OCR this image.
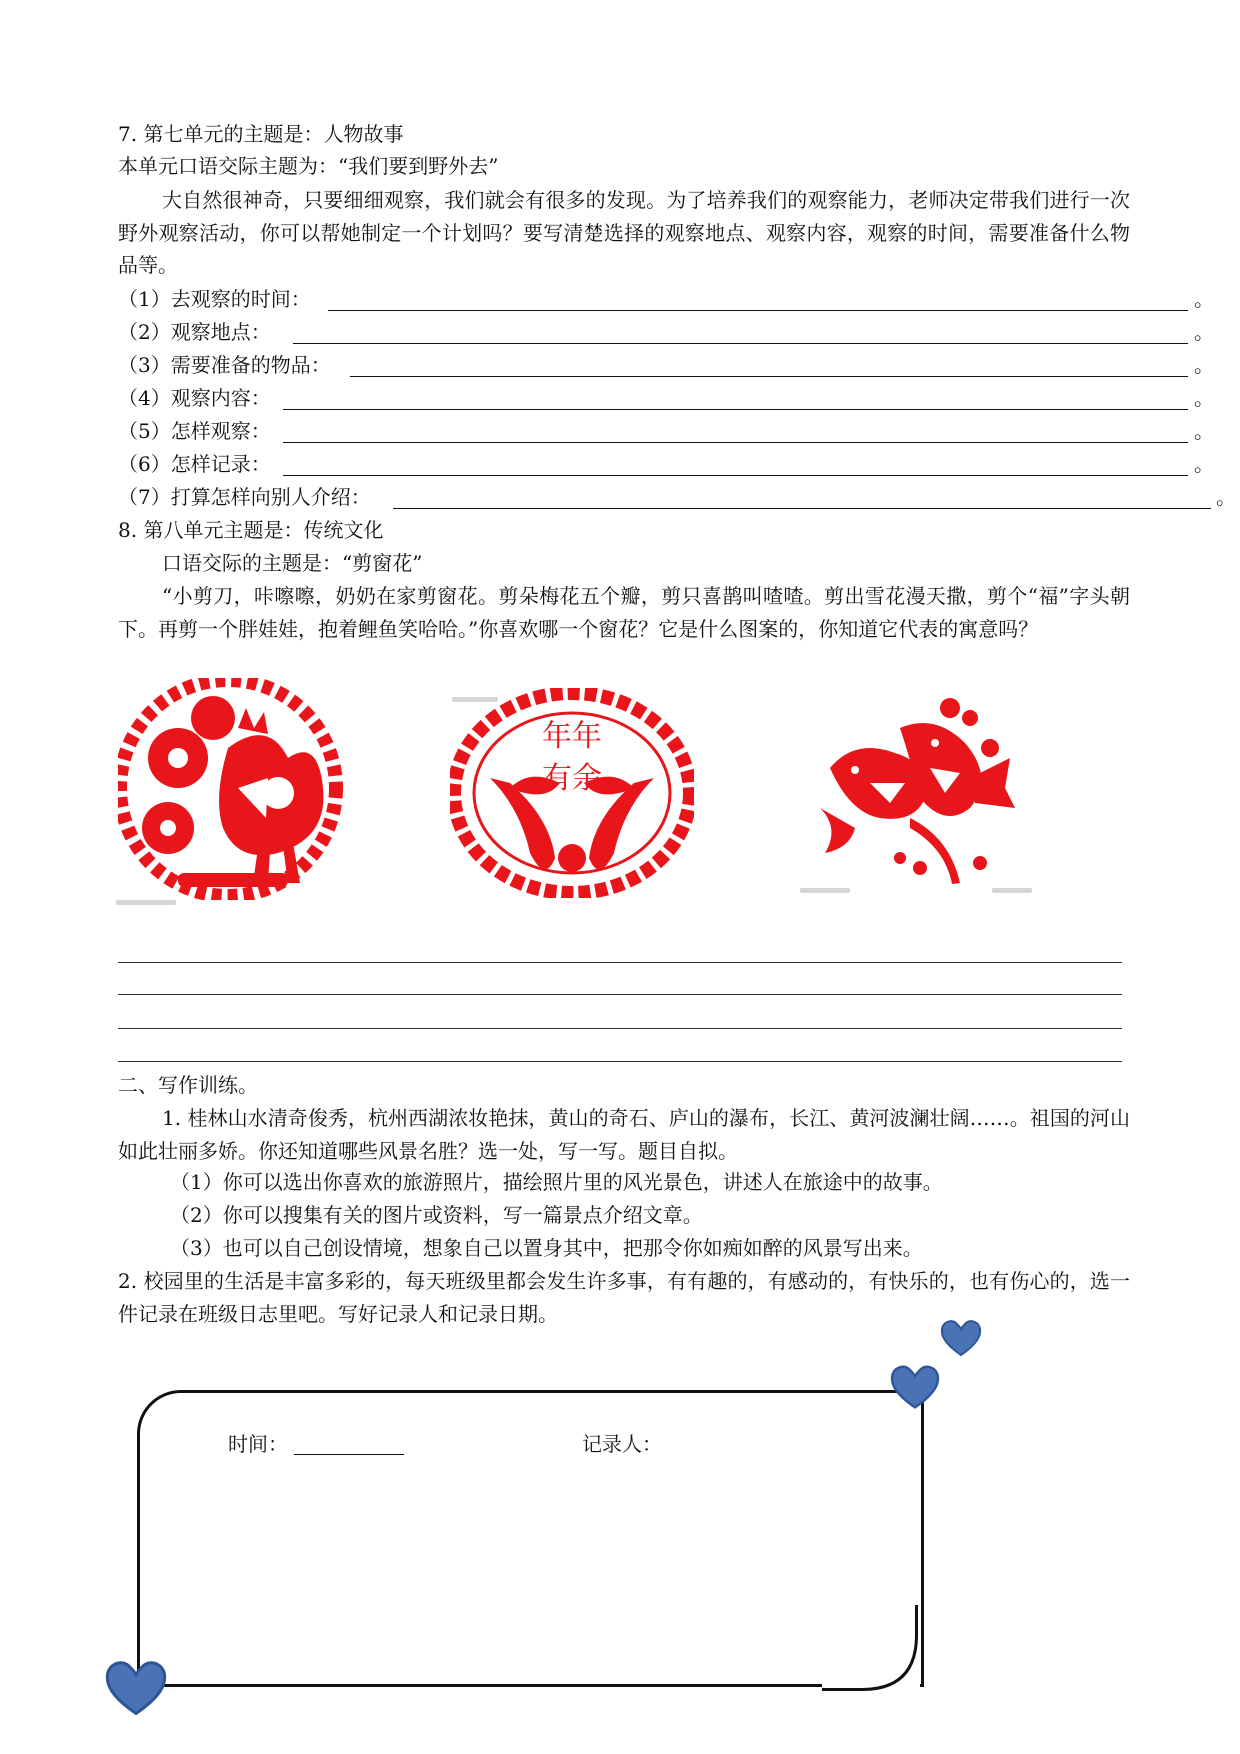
7. 第七单元的主题是：人物故事
本单元口语交际主题为：“我们要到野外去”
大自然很神奇，只要细细观察，我们就会有很多的发现。为了培养我们的观察能力，老师决定带我们进行一次野外观察活动，你可以帮她制定一个计划吗？要写清楚选择的观察地点、观察内容，观察的时间，需要准备什么物品等。
（1）去观察的时间：	。
（2）观察地点：	。
（3）需要准备的物品：	。
（4）观察内容：	。
（5）怎样观察：	。
（6）怎样记录：	。
（7）打算怎样向别人介绍：	。
8. 第八单元主题是：传统文化
口语交际的主题是：“剪窗花”
“小剪刀，咔嚓嚓，奶奶在家剪窗花。剪朵梅花五个瓣，剪只喜鹊叫喳喳。剪出雪花漫天撒，剪个“福”字头朝下。再剪一个胖娃娃，抱着鲤鱼笑哈哈。”你喜欢哪一个窗花？它是什么图案的，你知道它代表的寓意吗？
年年
有余
二、写作训练。
1. 桂林山水清奇俊秀，杭州西湖浓妆艳抹，黄山的奇石、庐山的瀑布，长江、黄河波澜壮阔……。祖国的河山如此壮丽多娇。你还知道哪些风景名胜？选一处，写一写。题目自拟。
（1）你可以选出你喜欢的旅游照片，描绘照片里的风光景色，讲述人在旅途中的故事。
（2）你可以搜集有关的图片或资料，写一篇景点介绍文章。
（3）也可以自己创设情境，想象自己以置身其中，把那令你如痴如醉的风景写出来。
2. 校园里的生活是丰富多彩的，每天班级里都会发生许多事，有有趣的，有感动的，有快乐的，也有伤心的，选一件记录在班级日志里吧。写好记录人和记录日期。
时间：	记录人：
